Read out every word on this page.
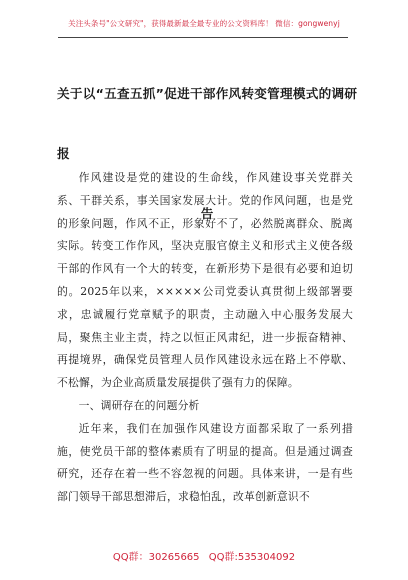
关注头条号"公文研究"，获得最新最全最专业的公文资料库！ 微信：gongwenyj
关于以“五查五抓”促进干部作风转变管理模式的调研报
告

作风建设是党的建设的生命线，作风建设事关党群关系、干群关系，事关国家发展大计。党的作风问题，也是党的形象问题，作风不正，形象好不了，必然脱离群众、脱离实际。转变工作作风，坚决克服官僚主义和形式主义使各级干部的作风有一个大的转变，在新形势下是很有必要和迫切的。2025年以来，×××××公司党委认真贯彻上级部署要求，忠诚履行党章赋予的职责，主动融入中心服务发展大局，聚焦主业主责，持之以恒正风肃纪，进一步振奋精神、再提境界，确保党员管理人员作风建设永远在路上不停歇、不松懈，为企业高质量发展提供了强有力的保障。

一、调研存在的问题分析

近年来，我们在加强作风建设方面都采取了一系列措施，使党员干部的整体素质有了明显的提高。但是通过调查研究，还存在着一些不容忽视的问题。具体来讲，一是有些部门领导干部思想滞后，求稳怕乱，改革创新意识不

QQ群：30265665 QQ群:535304092
